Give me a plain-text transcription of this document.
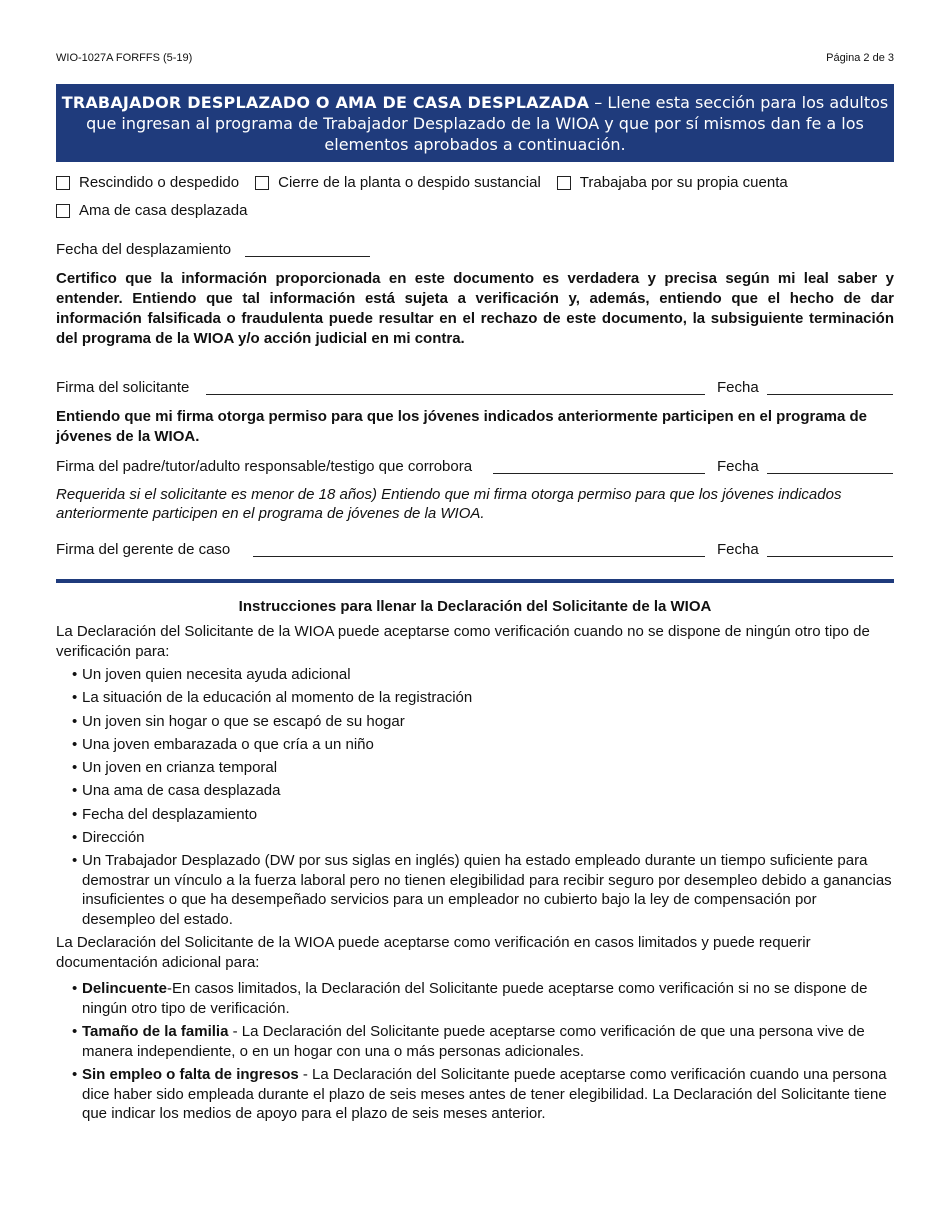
WIO-1027A FORFFS (5-19)	Página 2 de 3
TRABAJADOR DESPLAZADO O AMA DE CASA DESPLAZADA – Llene esta sección para los adultos que ingresan al programa de Trabajador Desplazado de la WIOA y que por sí mismos dan fe a los elementos aprobados a continuación.
Rescindido o despedido	Cierre de la planta o despido sustancial	Trabajaba por su propia cuenta
Ama de casa desplazada
Fecha del desplazamiento
Certifico que la información proporcionada en este documento es verdadera y precisa según mi leal saber y entender. Entiendo que tal información está sujeta a verificación y, además, entiendo que el hecho de dar información falsificada o fraudulenta puede resultar en el rechazo de este documento, la subsiguiente terminación del programa de la WIOA y/o acción judicial en mi contra.
Firma del solicitante	Fecha
Entiendo que mi firma otorga permiso para que los jóvenes indicados anteriormente participen en el programa de jóvenes de la WIOA.
Firma del padre/tutor/adulto responsable/testigo que corrobora	Fecha
Requerida si el solicitante es menor de 18 años) Entiendo que mi firma otorga permiso para que los jóvenes indicados anteriormente participen en el programa de jóvenes de la WIOA.
Firma del gerente de caso	Fecha
Instrucciones para llenar la Declaración del Solicitante de la WIOA
La Declaración del Solicitante de la WIOA puede aceptarse como verificación cuando no se dispone de ningún otro tipo de verificación para:
• Un joven quien necesita ayuda adicional
• La situación de la educación al momento de la registración
• Un joven sin hogar o que se escapó de su hogar
• Una joven embarazada o que cría a un niño
• Un joven en crianza temporal
• Una ama de casa desplazada
• Fecha del desplazamiento
• Dirección
• Un Trabajador Desplazado (DW por sus siglas en inglés) quien ha estado empleado durante un tiempo suficiente para demostrar un vínculo a la fuerza laboral pero no tienen elegibilidad para recibir seguro por desempleo debido a ganancias insuficientes o que ha desempeñado servicios para un empleador no cubierto bajo la ley de compensación por desempleo del estado.
La Declaración del Solicitante de la WIOA puede aceptarse como verificación en casos limitados y puede requerir documentación adicional para:
• Delincuente-En casos limitados, la Declaración del Solicitante puede aceptarse como verificación si no se dispone de ningún otro tipo de verificación.
• Tamaño de la familia - La Declaración del Solicitante puede aceptarse como verificación de que una persona vive de manera independiente, o en un hogar con una o más personas adicionales.
• Sin empleo o falta de ingresos - La Declaración del Solicitante puede aceptarse como verificación cuando una persona dice haber sido empleada durante el plazo de seis meses antes de tener elegibilidad. La Declaración del Solicitante tiene que indicar los medios de apoyo para el plazo de seis meses anterior.
